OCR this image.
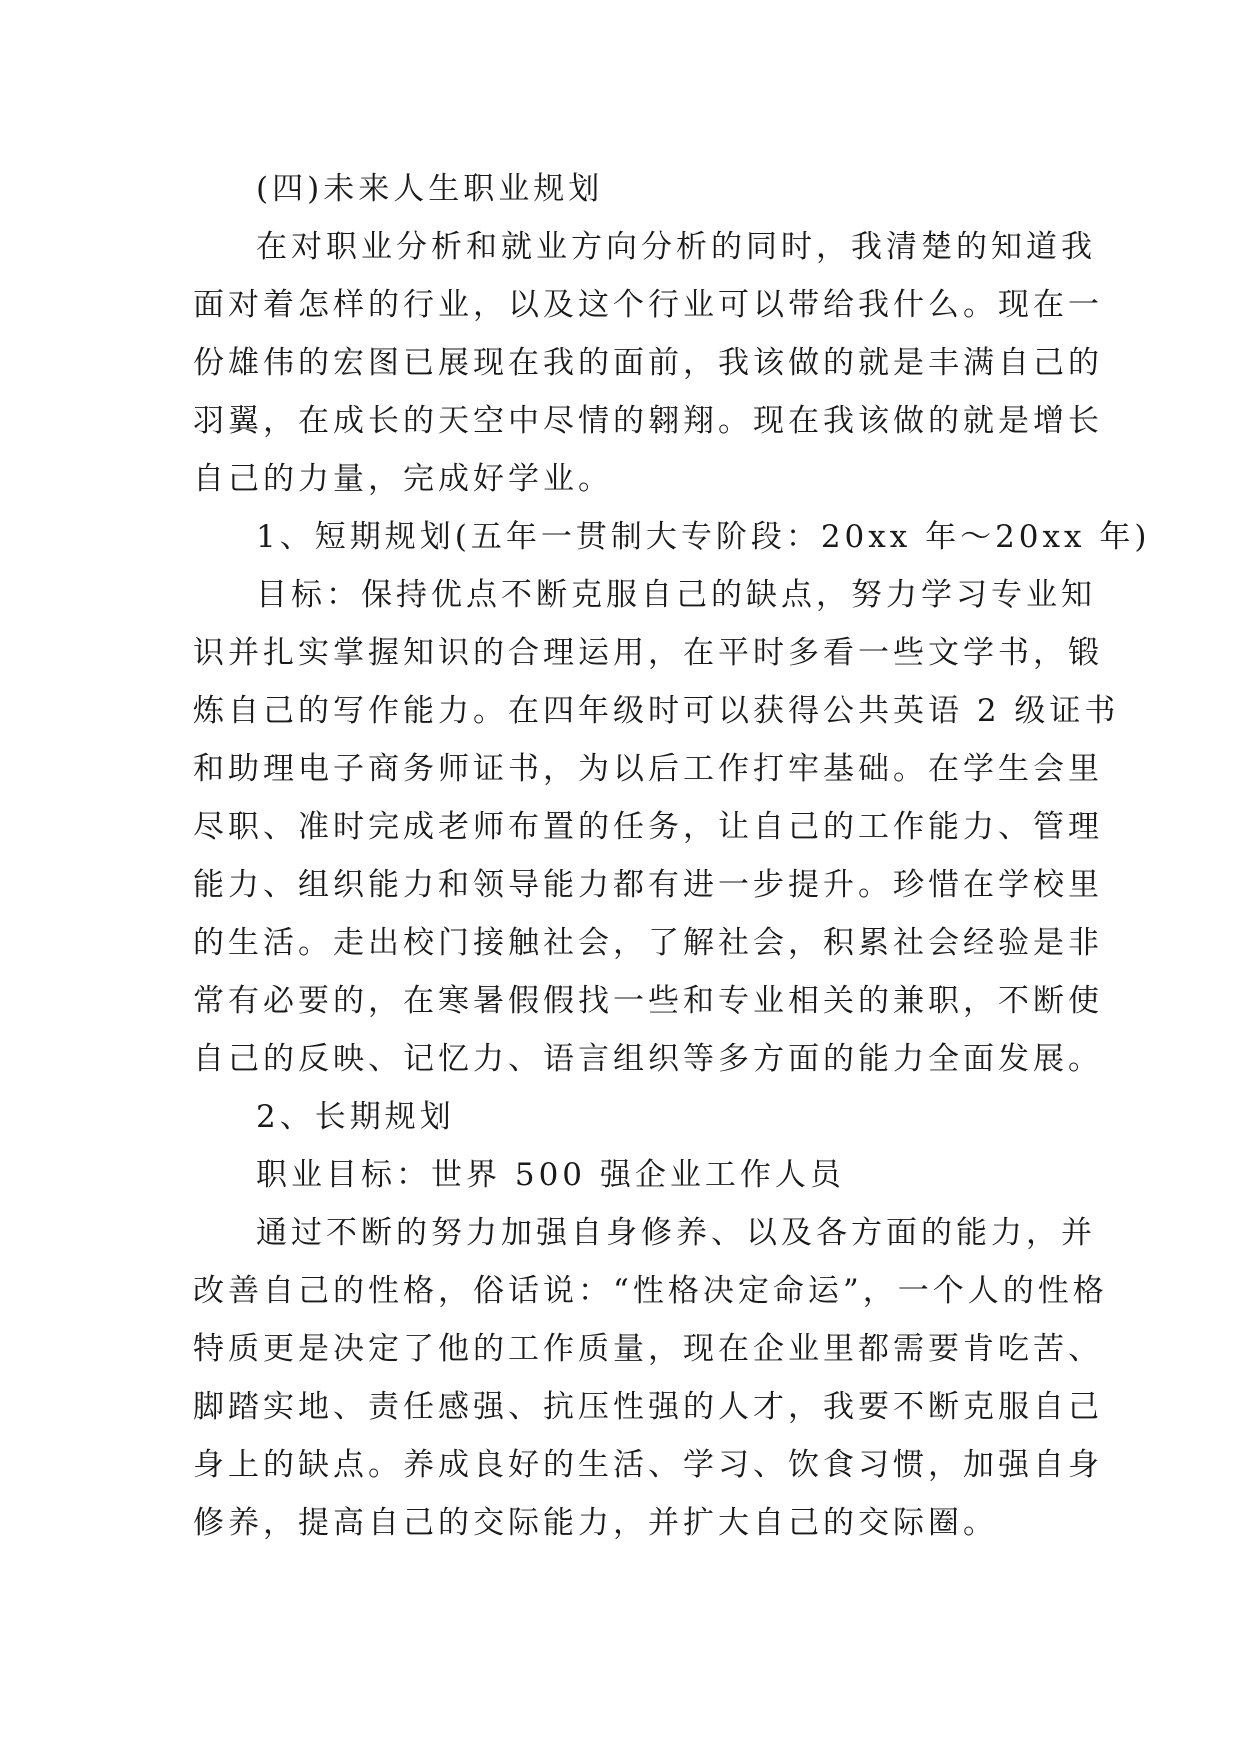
(四)未来人生职业规划
在对职业分析和就业方向分析的同时，我清楚的知道我
面对着怎样的行业，以及这个行业可以带给我什么。现在一
份雄伟的宏图已展现在我的面前，我该做的就是丰满自己的
羽翼，在成长的天空中尽情的翱翔。现在我该做的就是增长
自己的力量，完成好学业。
1、短期规划(五年一贯制大专阶段：20xx 年～20xx 年)
目标：保持优点不断克服自己的缺点，努力学习专业知
识并扎实掌握知识的合理运用，在平时多看一些文学书，锻
炼自己的写作能力。在四年级时可以获得公共英语 2 级证书
和助理电子商务师证书，为以后工作打牢基础。在学生会里
尽职、准时完成老师布置的任务，让自己的工作能力、管理
能力、组织能力和领导能力都有进一步提升。珍惜在学校里
的生活。走出校门接触社会，了解社会，积累社会经验是非
常有必要的，在寒暑假假找一些和专业相关的兼职，不断使
自己的反映、记忆力、语言组织等多方面的能力全面发展。
2、长期规划
职业目标：世界 500 强企业工作人员
通过不断的努力加强自身修养、以及各方面的能力，并
改善自己的性格，俗话说：“性格决定命运”，一个人的性格
特质更是决定了他的工作质量，现在企业里都需要肯吃苦、
脚踏实地、责任感强、抗压性强的人才，我要不断克服自己
身上的缺点。养成良好的生活、学习、饮食习惯，加强自身
修养，提高自己的交际能力，并扩大自己的交际圈。
